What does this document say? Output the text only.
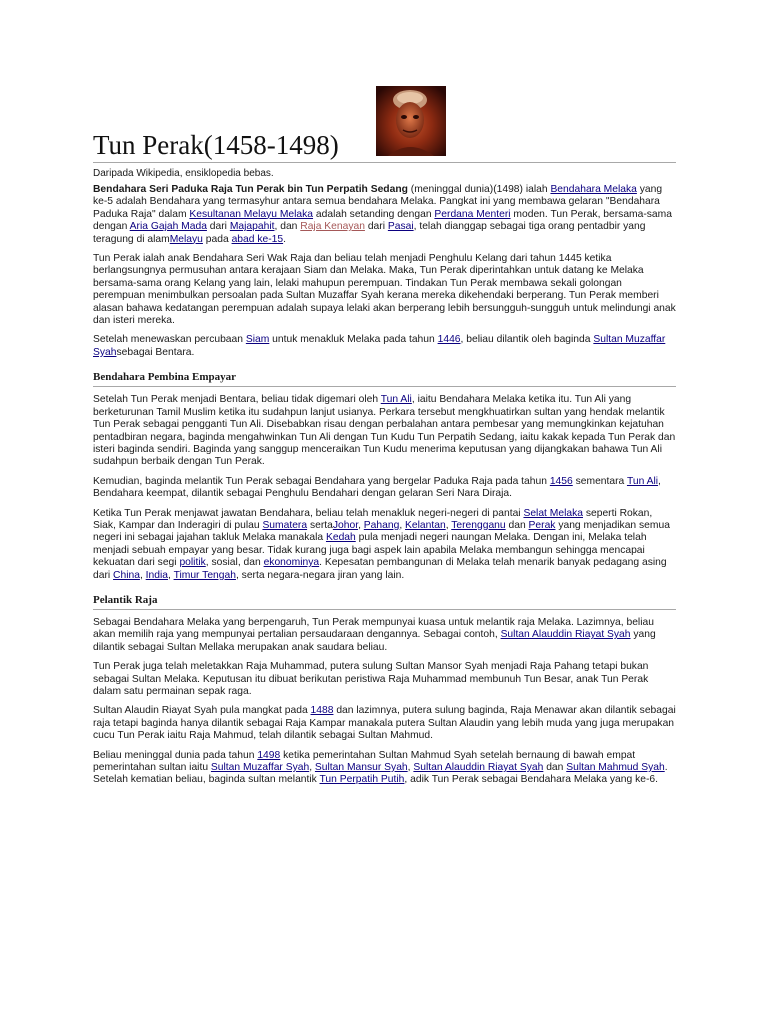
Tun Perak(1458-1498)
Daripada Wikipedia, ensiklopedia bebas.

Bendahara Seri Paduka Raja Tun Perak bin Tun Perpatih Sedang (meninggal dunia)(1498) ialah Bendahara Melaka yang ke-5 adalah Bendahara yang termasyhur antara semua bendahara Melaka. Pangkat ini yang membawa gelaran "Bendahara Paduka Raja" dalam Kesultanan Melayu Melaka adalah setanding dengan Perdana Menteri moden. Tun Perak, bersama-sama dengan Aria Gajah Mada dari Majapahit, dan Raja Kenayan dari Pasai, telah dianggap sebagai tiga orang pentadbir yang teragung di alamMelayu pada abad ke-15.

Tun Perak ialah anak Bendahara Seri Wak Raja dan beliau telah menjadi Penghulu Kelang dari tahun 1445 ketika berlangsungnya permusuhan antara kerajaan Siam dan Melaka. Maka, Tun Perak diperintahkan untuk datang ke Melaka bersama-sama orang Kelang yang lain, lelaki mahupun perempuan. Tindakan Tun Perak membawa sekali golongan perempuan menimbulkan persoalan pada Sultan Muzaffar Syah kerana mereka dikehendaki berperang. Tun Perak memberi alasan bahawa kedatangan perempuan adalah supaya lelaki akan berperang lebih bersungguh-sungguh untuk melindungi anak dan isteri mereka.

Setelah menewaskan percubaan Siam untuk menakluk Melaka pada tahun 1446, beliau dilantik oleh baginda Sultan Muzaffar Syahsebagai Bentara.

Bendahara Pembina Empayar

Setelah Tun Perak menjadi Bentara, beliau tidak digemari oleh Tun Ali, iaitu Bendahara Melaka ketika itu. Tun Ali yang berketurunan Tamil Muslim ketika itu sudahpun lanjut usianya. Perkara tersebut mengkhuatirkan sultan yang hendak melantik Tun Perak sebagai pengganti Tun Ali. Disebabkan risau dengan perbalahan antara pembesar yang memungkinkan kejatuhan pentadbiran negara, baginda mengahwinkan Tun Ali dengan Tun Kudu Tun Perpatih Sedang, iaitu kakak kepada Tun Perak dan isteri baginda sendiri. Baginda yang sanggup menceraikan Tun Kudu menerima keputusan yang dijangkakan bahawa Tun Ali sudahpun berbaik dengan Tun Perak.

Kemudian, baginda melantik Tun Perak sebagai Bendahara yang bergelar Paduka Raja pada tahun 1456 sementara Tun Ali, Bendahara keempat, dilantik sebagai Penghulu Bendahari dengan gelaran Seri Nara Diraja.

Ketika Tun Perak menjawat jawatan Bendahara, beliau telah menakluk negeri-negeri di pantai Selat Melaka seperti Rokan, Siak, Kampar dan Inderagiri di pulau Sumatera sertaJohor, Pahang, Kelantan, Terengganu dan Perak yang menjadikan semua negeri ini sebagai jajahan takluk Melaka manakala Kedah pula menjadi negeri naungan Melaka. Dengan ini, Melaka telah menjadi sebuah empayar yang besar. Tidak kurang juga bagi aspek lain apabila Melaka membangun sehingga mencapai kekuatan dari segi politik, sosial, dan ekonominya. Kepesatan pembangunan di Melaka telah menarik banyak pedagang asing dari China, India, Timur Tengah, serta negara-negara jiran yang lain.

Pelantik Raja

Sebagai Bendahara Melaka yang berpengaruh, Tun Perak mempunyai kuasa untuk melantik raja Melaka. Lazimnya, beliau akan memilih raja yang mempunyai pertalian persaudaraan dengannya. Sebagai contoh, Sultan Alauddin Riayat Syah yang dilantik sebagai Sultan Mellaka merupakan anak saudara beliau.

Tun Perak juga telah meletakkan Raja Muhammad, putera sulung Sultan Mansor Syah menjadi Raja Pahang tetapi bukan sebagai Sultan Melaka. Keputusan itu dibuat berikutan peristiwa Raja Muhammad membunuh Tun Besar, anak Tun Perak dalam satu permainan sepak raga.

Sultan Alaudin Riayat Syah pula mangkat pada 1488 dan lazimnya, putera sulung baginda, Raja Menawar akan dilantik sebagai raja tetapi baginda hanya dilantik sebagai Raja Kampar manakala putera Sultan Alaudin yang lebih muda yang juga merupakan cucu Tun Perak iaitu Raja Mahmud, telah dilantik sebagai Sultan Mahmud.

Beliau meninggal dunia pada tahun 1498 ketika pemerintahan Sultan Mahmud Syah setelah bernaung di bawah empat pemerintahan sultan iaitu Sultan Muzaffar Syah, Sultan Mansur Syah, Sultan Alauddin Riayat Syah dan Sultan Mahmud Syah. Setelah kematian beliau, baginda sultan melantik Tun Perpatih Putih, adik Tun Perak sebagai Bendahara Melaka yang ke-6.
